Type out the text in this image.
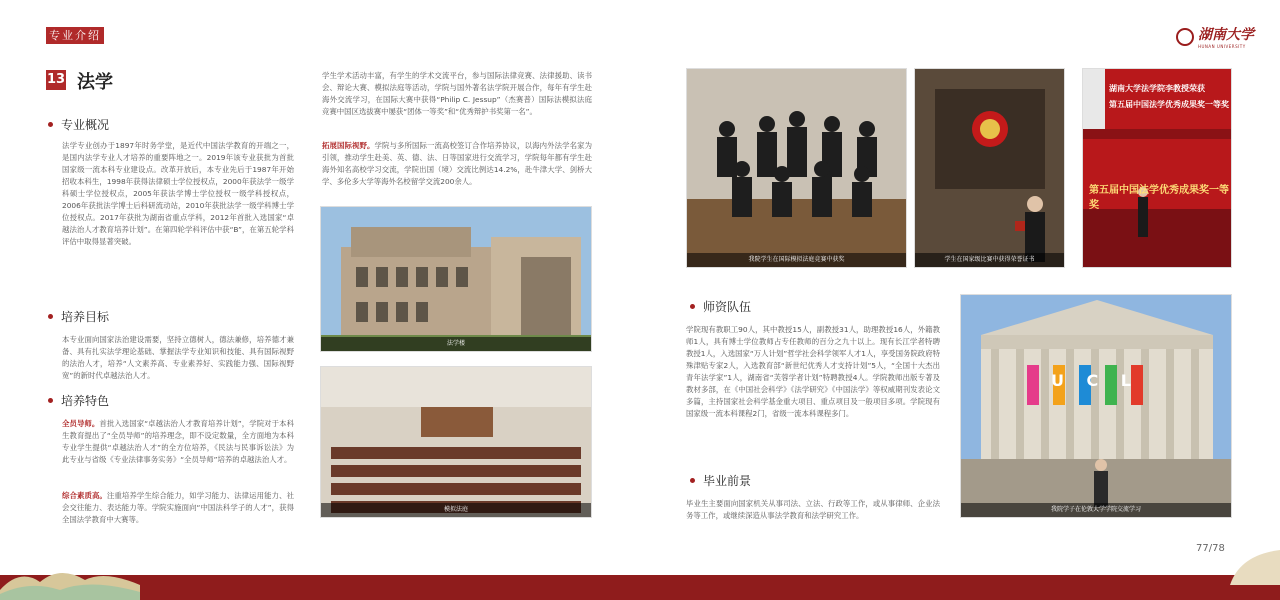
专业介绍	湖南大学
HUNAN UNIVERSITY
13 法学
专业概况
法学专业创办于1897年时务学堂，是近代中国法学教育的开端之一，是国内法学专业人才培养的重要阵地之一。2019年该专业获批为首批国家级一流本科专业建设点。改革开放后，本专业先后于1987年开始招收本科生，1998年获得法律硕士学位授权点，2000年获法学一级学科硕士学位授权点，2005年获法学博士学位授权一级学科授权点，2006年获批法学博士后科研流动站，2010年获批法学一级学科博士学位授权点。2017年获批为湖南省重点学科，2012年首批入选国家“卓越法治人才教育培养计划”。在第四轮学科评估中获“B”，在第五轮学科评估中取得显著突破。
培养目标
本专业面向国家法治建设需要，坚持立德树人，德法兼修，培养德才兼备、具有扎实法学理论基础、掌握法学专业知识和技能、具有国际视野的法治人才，培养“人文素养高、专业素养好、实践能力强、国际视野宽”的新时代卓越法治人才。
培养特色
全员导师。首批入选国家“卓越法治人才教育培养计划”，学院对于本科生教育提出了“全员导师”的培养理念，即不设定数量，全方面地为本科专业学生提供“卓越法治人才”的全方位培养，《民法与民事诉讼法》为此专业与省级《专业法律事务实务》“全员导师”培养的卓越法治人才。
综合素质高。注重培养学生综合能力，如学习能力、法律运用能力、社会交往能力、表达能力等。学院实施面向“中国法科学子的人才”，获得全国法学教育中大赛等。
学生学术活动丰富，有学生的学术交流平台，参与国际法律竞赛、法律援助、读书会、辩论大赛、模拟法庭等活动，学院与国外著名法学院开展合作，每年有学生赴海外交流学习，在国际大赛中获得“Philip C. Jessup”（杰赛普）国际法模拟法庭竞赛中国区选拔赛中屡获“团体一等奖”和“优秀辩护书奖第一名”。
拓展国际视野。学院与多所国际一流高校签订合作培养协议，以海内外法学名家为引领，推动学生赴美、英、德、法、日等国家进行交流学习，学院每年都有学生赴海外知名高校学习交流，学院出国（境）交流比例达14.2%，赴牛津大学、剑桥大学、多伦多大学等海外名校留学交流200余人。
法学楼
模拟法庭
我院学生在国际模拟法庭竞赛中获奖	学生在国家级比赛中获得荣誉证书
湖南大学法学院李教授荣获
第五届中国法学优秀成果奖一等奖
第五届中国法学优秀成果奖一等奖
师资队伍
学院现有教职工90人，其中教授15人，副教授31人，助理教授16人，外籍教师1人，具有博士学位教师占专任教师的百分之九十以上。现有长江学者特聘教授1人，入选国家“万人计划”哲学社会科学领军人才1人，享受国务院政府特殊津贴专家2人，入选教育部“新世纪优秀人才支持计划”5人，“全国十大杰出青年法学家”1人，湖南省“芙蓉学者计划”特聘教授4人。学院教师出版专著及教材多部，在《中国社会科学》《法学研究》《中国法学》等权威期刊发表论文多篇，主持国家社会科学基金重大项目、重点项目及一般项目多项。学院现有国家级一流本科课程2门，省级一流本科课程多门。
毕业前景
毕业生主要面向国家机关从事司法、立法、行政等工作，或从事律师、企业法务等工作，或继续深造从事法学教育和法学研究工作。
U C L
我院学子在伦敦大学学院交流学习
77/78
